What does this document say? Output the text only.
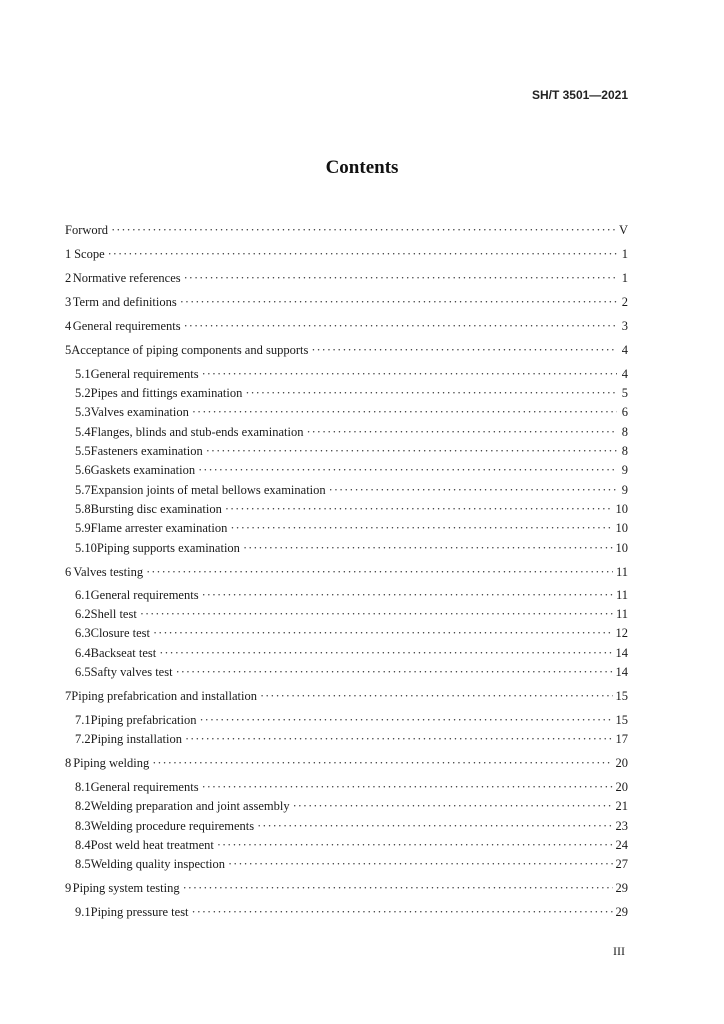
SH/T 3501—2021
Contents
Forword ·····	V
1 Scope ·····	1
2 Normative references ·····	1
3 Term and definitions ·····	2
4 General requirements ·····	3
5 Acceptance of piping components and supports ·····	4
5.1 General requirements ·····	4
5.2 Pipes and fittings examination ·····	5
5.3 Valves examination ·····	6
5.4 Flanges, blinds and stub-ends examination ·····	8
5.5 Fasteners examination ·····	8
5.6 Gaskets examination ·····	9
5.7 Expansion joints of metal bellows examination ·····	9
5.8 Bursting disc examination ·····	10
5.9 Flame arrester examination ·····	10
5.10 Piping supports examination ·····	10
6 Valves testing ·····	11
6.1 General requirements ·····	11
6.2 Shell test ·····	11
6.3 Closure test ·····	12
6.4 Backseat test ·····	14
6.5 Safty valves test ·····	14
7 Piping prefabrication and installation ·····	15
7.1 Piping prefabrication ·····	15
7.2 Piping installation ·····	17
8 Piping welding ·····	20
8.1 General requirements ·····	20
8.2 Welding preparation and joint assembly ·····	21
8.3 Welding procedure requirements ·····	23
8.4 Post weld heat treatment ·····	24
8.5 Welding quality inspection ·····	27
9 Piping system testing ·····	29
9.1 Piping pressure test ·····	29
III
